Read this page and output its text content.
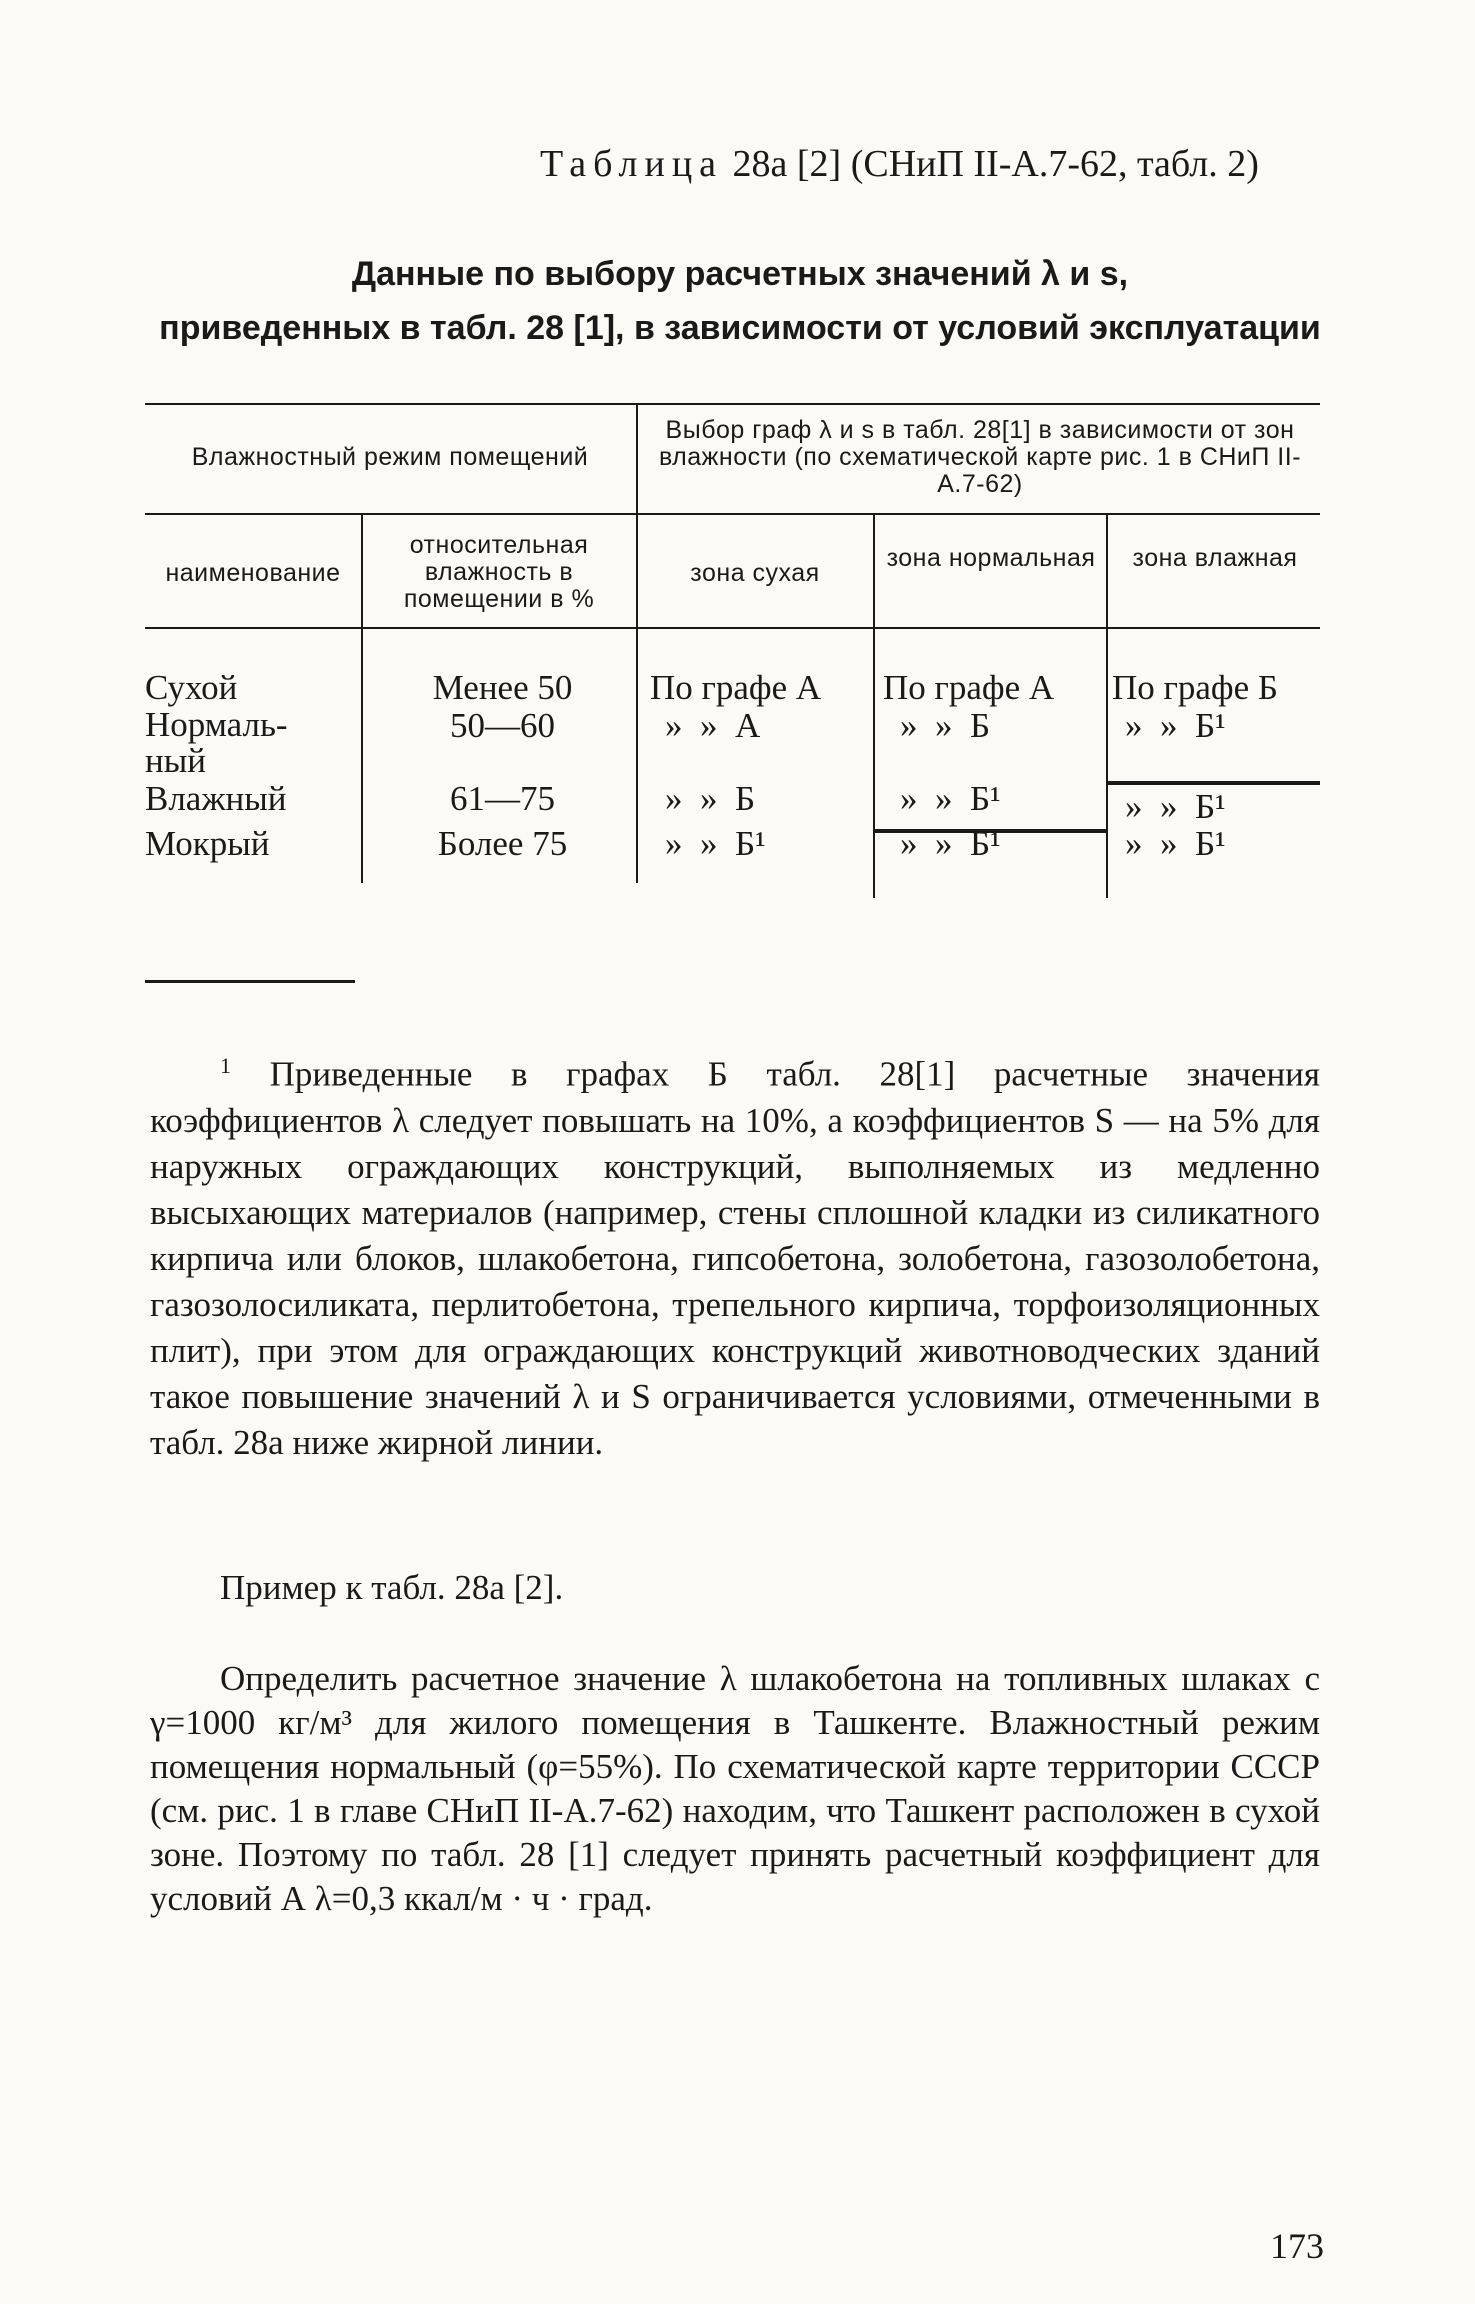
Таблица 28а [2] (СНиП II-А.7-62, табл. 2)
Данные по выбору расчетных значений λ и s,
приведенных в табл. 28 [1], в зависимости от условий эксплуатации
Влажностный режим помещений
Выбор граф λ и s в табл. 28[1] в зависимости от зон влажности (по схематической карте рис. 1 в СНиП II-А.7-62)
наименование
относительная влажность в помещении в %
зона сухая
зона нормальная	зона влажная
Сухой
Нормаль-ный
Влажный
Мокрый
Менее 50
50—60
61—75
Более 75
По графе А
»  »  А
»  »  Б
»  »  Б¹
По графе А
»  »  Б
»  »  Б¹
»  »  Б¹
По графе Б
»  »  Б¹
»  »  Б¹
»  »  Б¹
$^1$ Приведенные в графах Б табл. 28[1] расчетные значения коэффициентов λ следует повышать на 10%, а коэффициентов S — на 5% для наружных ограждающих конструкций, выполняемых из медленно высыхающих материалов (например, стены сплошной кладки из силикатного кирпича или блоков, шлакобетона, гипсобетона, золобетона, газозолобетона, газозолосиликата, перлитобетона, трепельного кирпича, торфоизоляционных плит), при этом для ограждающих конструкций животноводческих зданий такое повышение значений λ и S ограничивается условиями, отмеченными в табл. 28а ниже жирной линии.
Пример к табл. 28а [2].
Определить расчетное значение λ шлакобетона на топливных шлаках с γ=1000 кг/м³ для жилого помещения в Ташкенте. Влажностный режим помещения нормальный (φ=55%). По схематической карте территории СССР (см. рис. 1 в главе СНиП II-А.7-62) находим, что Ташкент расположен в сухой зоне. Поэтому по табл. 28 [1] следует принять расчетный коэффициент для условий А λ=0,3 ккал/м · ч · град.
173
